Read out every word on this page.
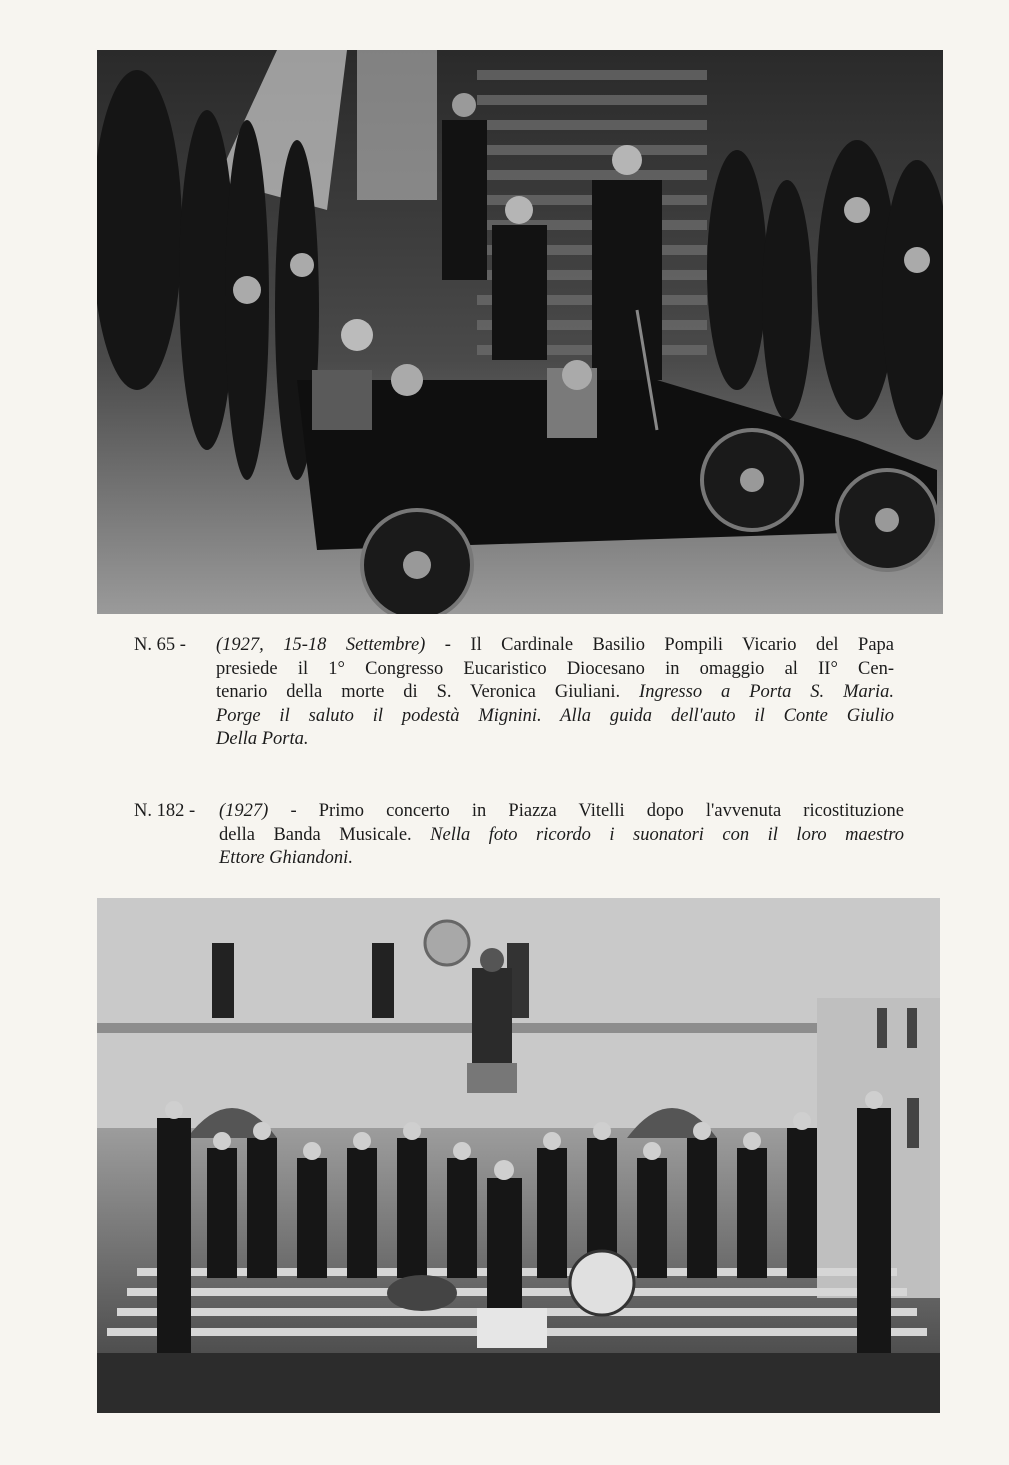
N. 65 - (1927, 15-18 Settembre) - Il Cardinale Basilio Pompili Vicario del Papa
presiede il 1° Congresso Eucaristico Diocesano in omaggio al II° Cen-
tenario della morte di S. Veronica Giuliani. Ingresso a Porta S. Maria.
Porge il saluto il podestà Mignini. Alla guida dell'auto il Conte Giulio
Della Porta.
N. 182 - (1927) - Primo concerto in Piazza Vitelli dopo l'avvenuta ricostituzione
della Banda Musicale. Nella foto ricordo i suonatori con il loro maestro
Ettore Ghiandoni.
